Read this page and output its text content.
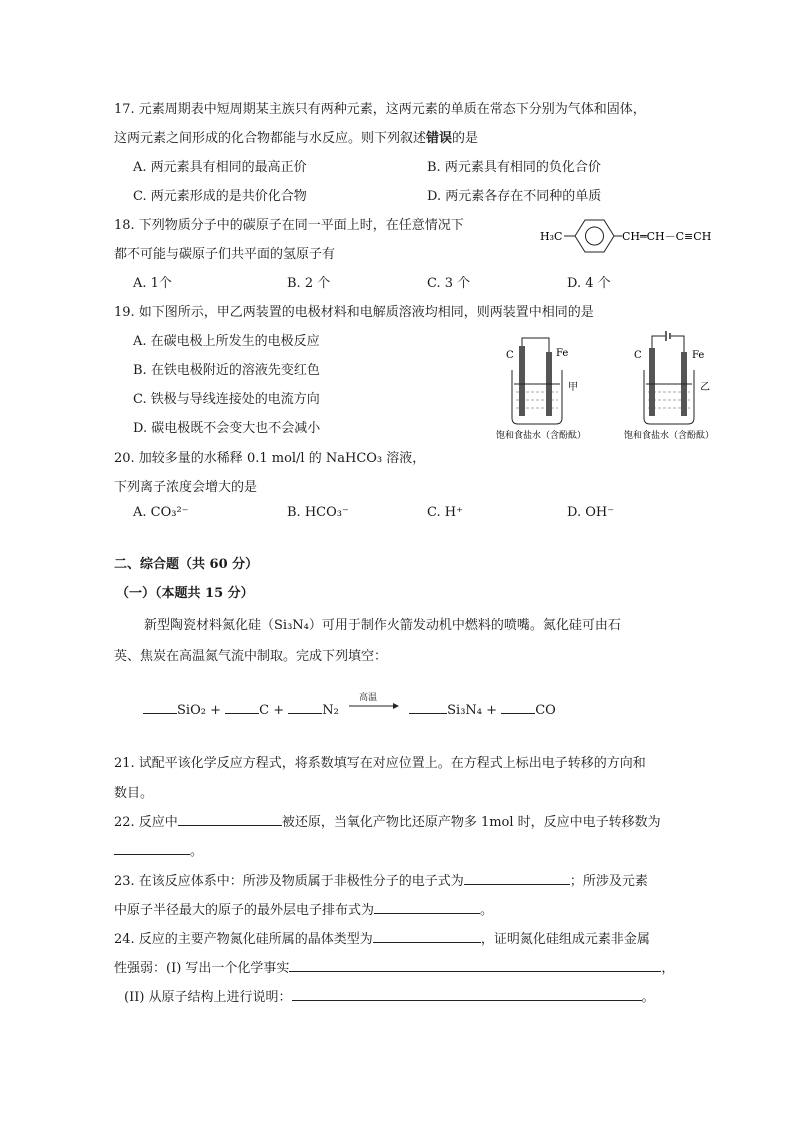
17. 元素周期表中短周期某主族只有两种元素，这两元素的单质在常态下分别为气体和固体，
这两元素之间形成的化合物都能与水反应。则下列叙述错误的是
A. 两元素具有相同的最高正价	B. 两元素具有相同的负化合价
C. 两元素形成的是共价化合物	D. 两元素各存在不同种的单质
18. 下列物质分子中的碳原子在同一平面上时，在任意情况下
都不可能与碳原子们共平面的氢原子有
A. 1个	B. 2 个	C. 3 个	D. 4 个
H₃C	CH═CH－C≡CH
19. 如下图所示，甲乙两装置的电极材料和电解质溶液均相同，则两装置中相同的是
A. 在碳电极上所发生的电极反应
B. 在铁电极附近的溶液先变红色
C. 铁极与导线连接处的电流方向
D. 碳电极既不会变大也不会减小
C	Fe
甲
饱和食盐水（含酚酞）
C	Fe
乙
饱和食盐水（含酚酞）
20. 加较多量的水稀释 0.1 mol/l 的 NaHCO₃ 溶液，
下列离子浓度会增大的是
A. CO₃²⁻	B. HCO₃⁻	C. H⁺	D. OH⁻
二、综合题（共 60 分）
（一）（本题共 15 分）
新型陶瓷材料氮化硅（Si₃N₄）可用于制作火箭发动机中燃料的喷嘴。氮化硅可由石
英、焦炭在高温氮气流中制取。完成下列填空：
SiO₂ +	C +	N₂
高温
Si₃N₄ +	CO
21. 试配平该化学反应方程式，将系数填写在对应位置上。在方程式上标出电子转移的方向和
数目。
22. 反应中	被还原，当氧化产物比还原产物多 1mol 时，反应中电子转移数为
。
23. 在该反应体系中：所涉及物质属于非极性分子的电子式为	；所涉及元素
中原子半径最大的原子的最外层电子排布式为	。
24. 反应的主要产物氮化硅所属的晶体类型为	，证明氮化硅组成元素非金属
性强弱：(I) 写出一个化学事实	，
(II) 从原子结构上进行说明：	。
